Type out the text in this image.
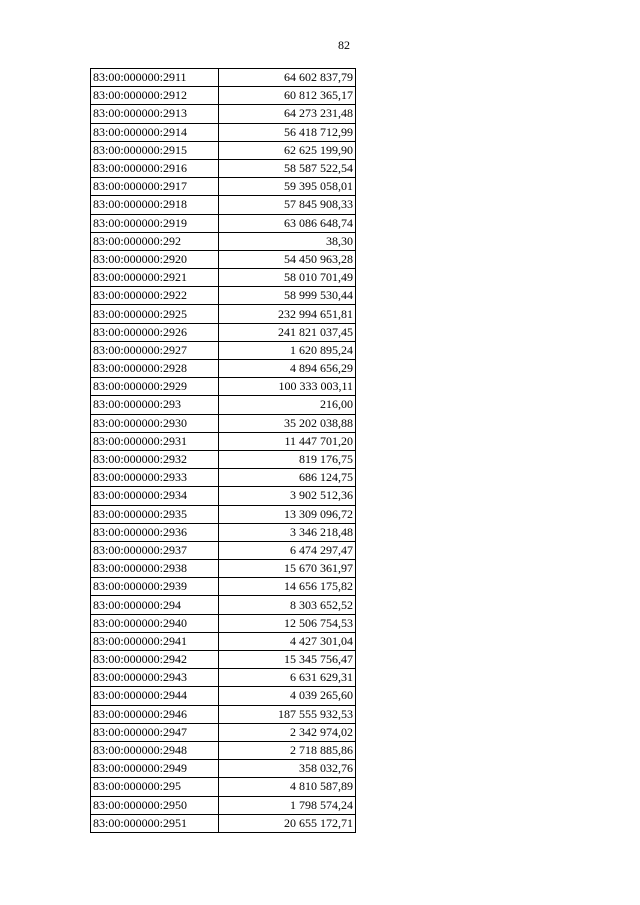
82
83:00:000000:2911	64 602 837,79
83:00:000000:2912	60 812 365,17
83:00:000000:2913	64 273 231,48
83:00:000000:2914	56 418 712,99
83:00:000000:2915	62 625 199,90
83:00:000000:2916	58 587 522,54
83:00:000000:2917	59 395 058,01
83:00:000000:2918	57 845 908,33
83:00:000000:2919	63 086 648,74
83:00:000000:292	38,30
83:00:000000:2920	54 450 963,28
83:00:000000:2921	58 010 701,49
83:00:000000:2922	58 999 530,44
83:00:000000:2925	232 994 651,81
83:00:000000:2926	241 821 037,45
83:00:000000:2927	1 620 895,24
83:00:000000:2928	4 894 656,29
83:00:000000:2929	100 333 003,11
83:00:000000:293	216,00
83:00:000000:2930	35 202 038,88
83:00:000000:2931	11 447 701,20
83:00:000000:2932	819 176,75
83:00:000000:2933	686 124,75
83:00:000000:2934	3 902 512,36
83:00:000000:2935	13 309 096,72
83:00:000000:2936	3 346 218,48
83:00:000000:2937	6 474 297,47
83:00:000000:2938	15 670 361,97
83:00:000000:2939	14 656 175,82
83:00:000000:294	8 303 652,52
83:00:000000:2940	12 506 754,53
83:00:000000:2941	4 427 301,04
83:00:000000:2942	15 345 756,47
83:00:000000:2943	6 631 629,31
83:00:000000:2944	4 039 265,60
83:00:000000:2946	187 555 932,53
83:00:000000:2947	2 342 974,02
83:00:000000:2948	2 718 885,86
83:00:000000:2949	358 032,76
83:00:000000:295	4 810 587,89
83:00:000000:2950	1 798 574,24
83:00:000000:2951	20 655 172,71
